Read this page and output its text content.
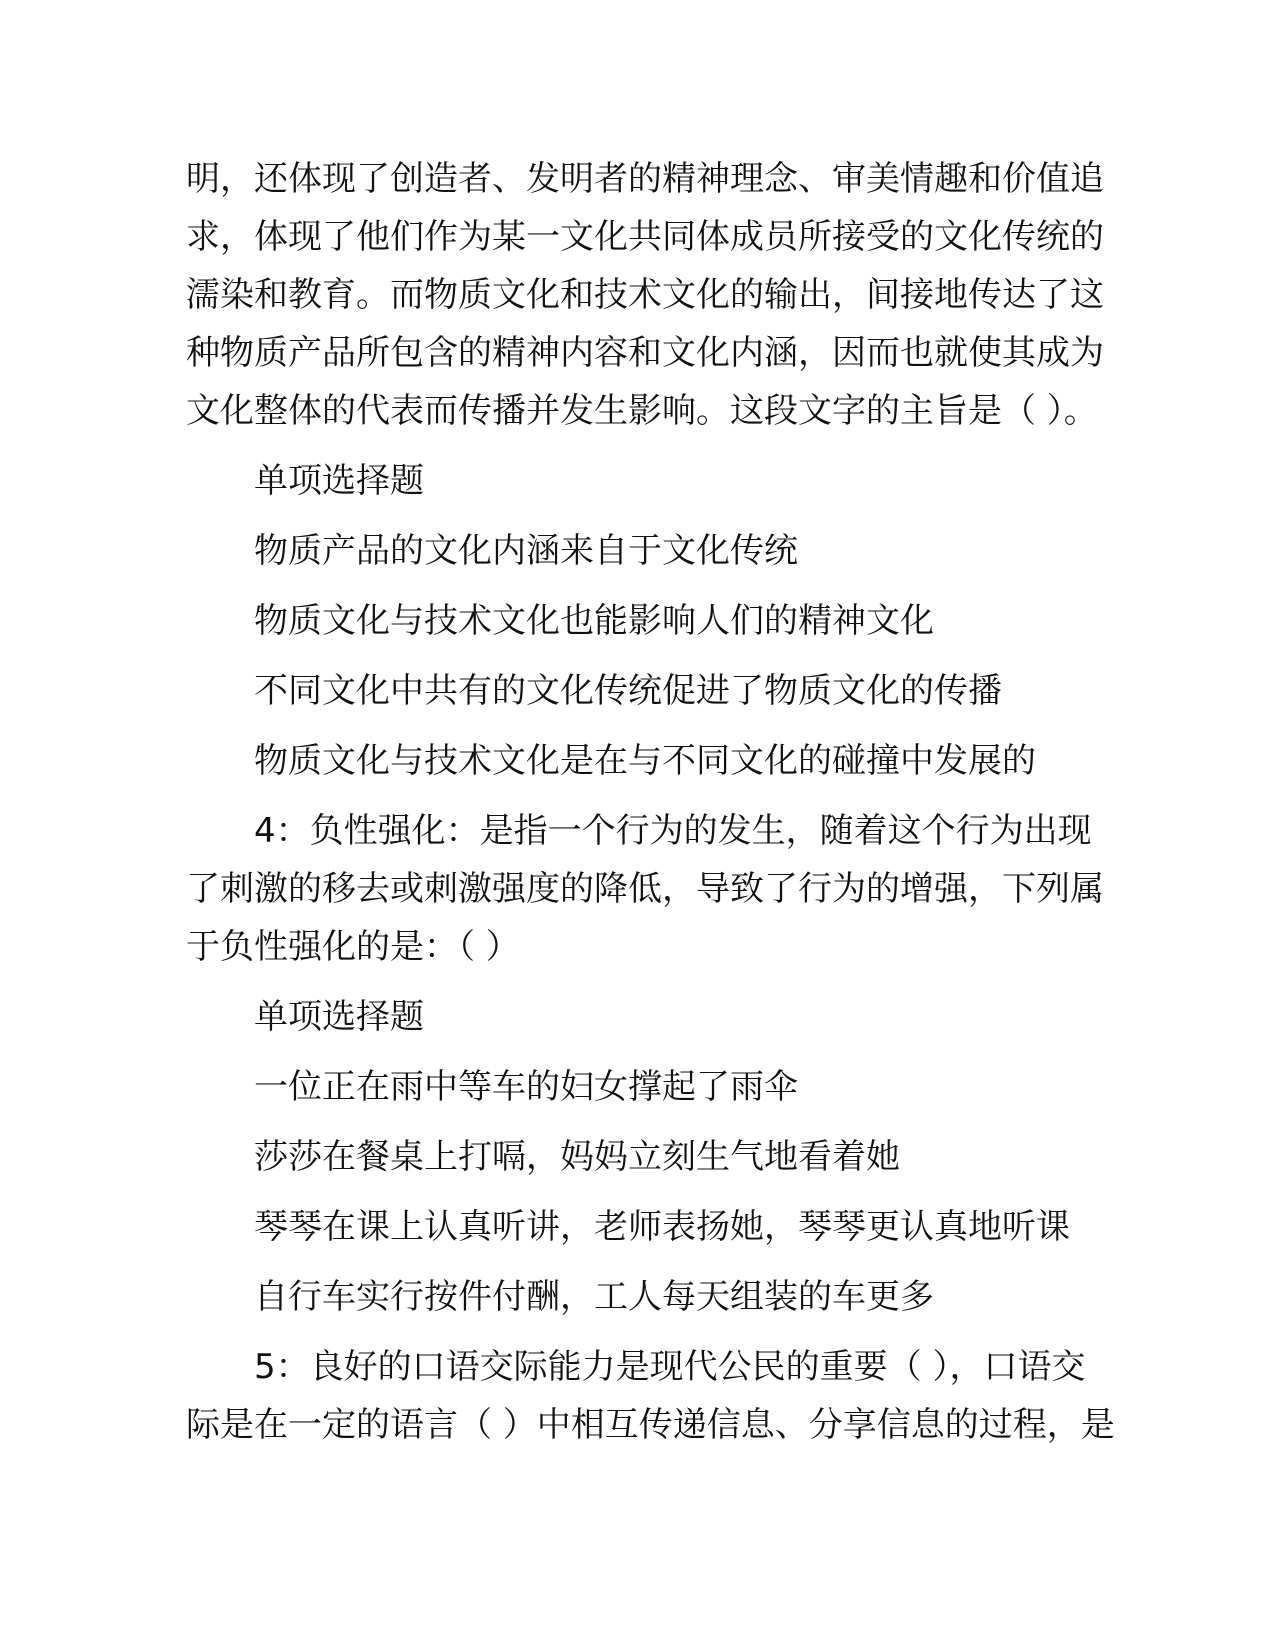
明，还体现了创造者、发明者的精神理念、审美情趣和价值追
求，体现了他们作为某一文化共同体成员所接受的文化传统的
濡染和教育。而物质文化和技术文化的输出，间接地传达了这
种物质产品所包含的精神内容和文化内涵，因而也就使其成为
文化整体的代表而传播并发生影响。这段文字的主旨是（ ）。
单项选择题
物质产品的文化内涵来自于文化传统
物质文化与技术文化也能影响人们的精神文化
不同文化中共有的文化传统促进了物质文化的传播
物质文化与技术文化是在与不同文化的碰撞中发展的
4：负性强化：是指一个行为的发生，随着这个行为出现
了刺激的移去或刺激强度的降低，导致了行为的增强，下列属
于负性强化的是：（ ）
单项选择题
一位正在雨中等车的妇女撑起了雨伞
莎莎在餐桌上打嗝，妈妈立刻生气地看着她
琴琴在课上认真听讲，老师表扬她，琴琴更认真地听课
自行车实行按件付酬，工人每天组装的车更多
5：良好的口语交际能力是现代公民的重要（ ），口语交
际是在一定的语言（ ）中相互传递信息、分享信息的过程，是
